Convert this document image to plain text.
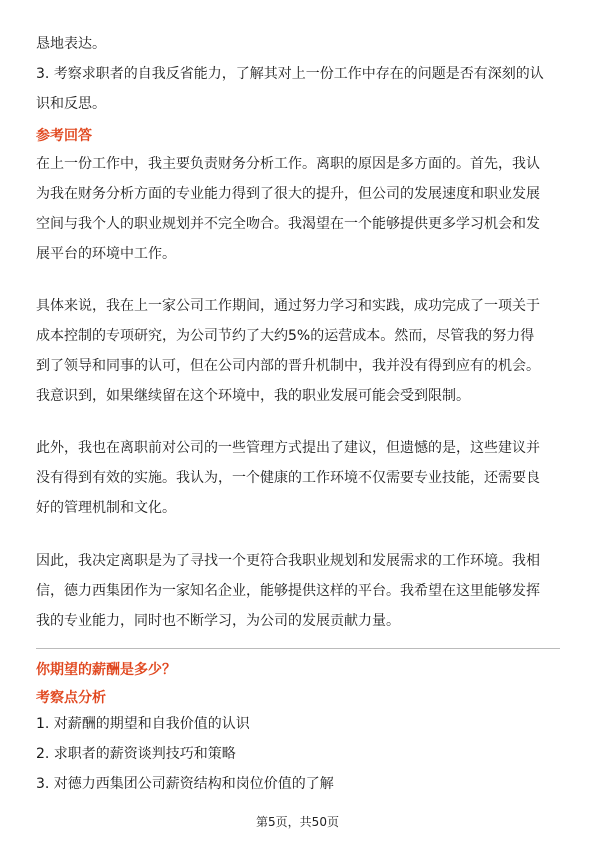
恳地表达。
3. 考察求职者的自我反省能力，了解其对上一份工作中存在的问题是否有深刻的认
识和反思。
参考回答
在上一份工作中，我主要负责财务分析工作。离职的原因是多方面的。首先，我认
为我在财务分析方面的专业能力得到了很大的提升，但公司的发展速度和职业发展
空间与我个人的职业规划并不完全吻合。我渴望在一个能够提供更多学习机会和发
展平台的环境中工作。
具体来说，我在上一家公司工作期间，通过努力学习和实践，成功完成了一项关于
成本控制的专项研究，为公司节约了大约5%的运营成本。然而，尽管我的努力得
到了领导和同事的认可，但在公司内部的晋升机制中，我并没有得到应有的机会。
我意识到，如果继续留在这个环境中，我的职业发展可能会受到限制。
此外，我也在离职前对公司的一些管理方式提出了建议，但遗憾的是，这些建议并
没有得到有效的实施。我认为，一个健康的工作环境不仅需要专业技能，还需要良
好的管理机制和文化。
因此，我决定离职是为了寻找一个更符合我职业规划和发展需求的工作环境。我相
信，德力西集团作为一家知名企业，能够提供这样的平台。我希望在这里能够发挥
我的专业能力，同时也不断学习，为公司的发展贡献力量。
你期望的薪酬是多少？
考察点分析
1. 对薪酬的期望和自我价值的认识
2. 求职者的薪资谈判技巧和策略
3. 对德力西集团公司薪资结构和岗位价值的了解
第5页，共50页
